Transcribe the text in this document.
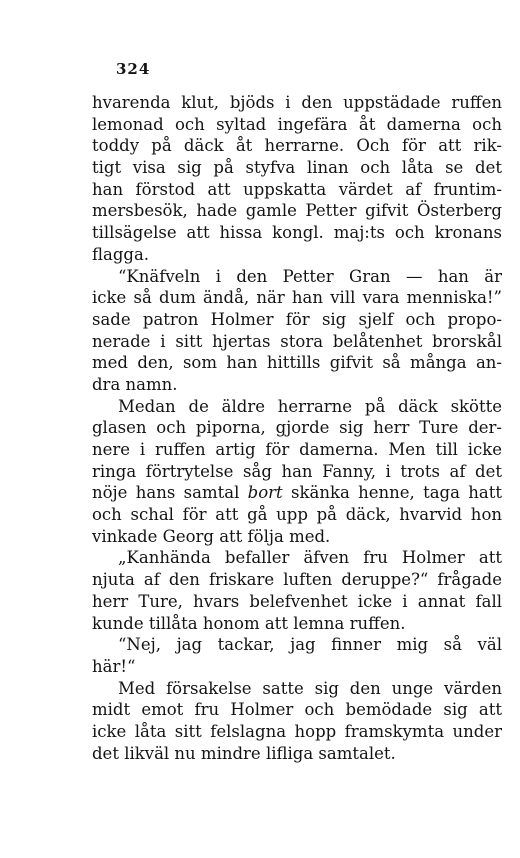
324
hvarenda klut, bjöds i den uppstädade ruffen
lemonad och syltad ingefära åt damerna och
toddy på däck åt herrarne. Och för att rik-
tigt visa sig på styfva linan och låta se det
han förstod att uppskatta värdet af fruntim-
mersbesök, hade gamle Petter gifvit Österberg
tillsägelse att hissa kongl. maj:ts och kronans
flagga.
“Knäfveln i den Petter Gran — han är
icke så dum ändå, när han vill vara menniska!”
sade patron Holmer för sig sjelf och propo-
nerade i sitt hjertas stora belåtenhet brorskål
med den, som han hittills gifvit så många an-
dra namn.
Medan de äldre herrarne på däck skötte
glasen och piporna, gjorde sig herr Ture der-
nere i ruffen artig för damerna. Men till icke
ringa förtrytelse såg han Fanny, i trots af det
nöje hans samtal bort skänka henne, taga hatt
och schal för att gå upp på däck, hvarvid hon
vinkade Georg att följa med.
„Kanhända befaller äfven fru Holmer att
njuta af den friskare luften deruppe?“ frågade
herr Ture, hvars belefvenhet icke i annat fall
kunde tillåta honom att lemna ruffen.
“Nej, jag tackar, jag finner mig så väl
här!“
Med försakelse satte sig den unge värden
midt emot fru Holmer och bemödade sig att
icke låta sitt felslagna hopp framskymta under
det likväl nu mindre lifliga samtalet.
